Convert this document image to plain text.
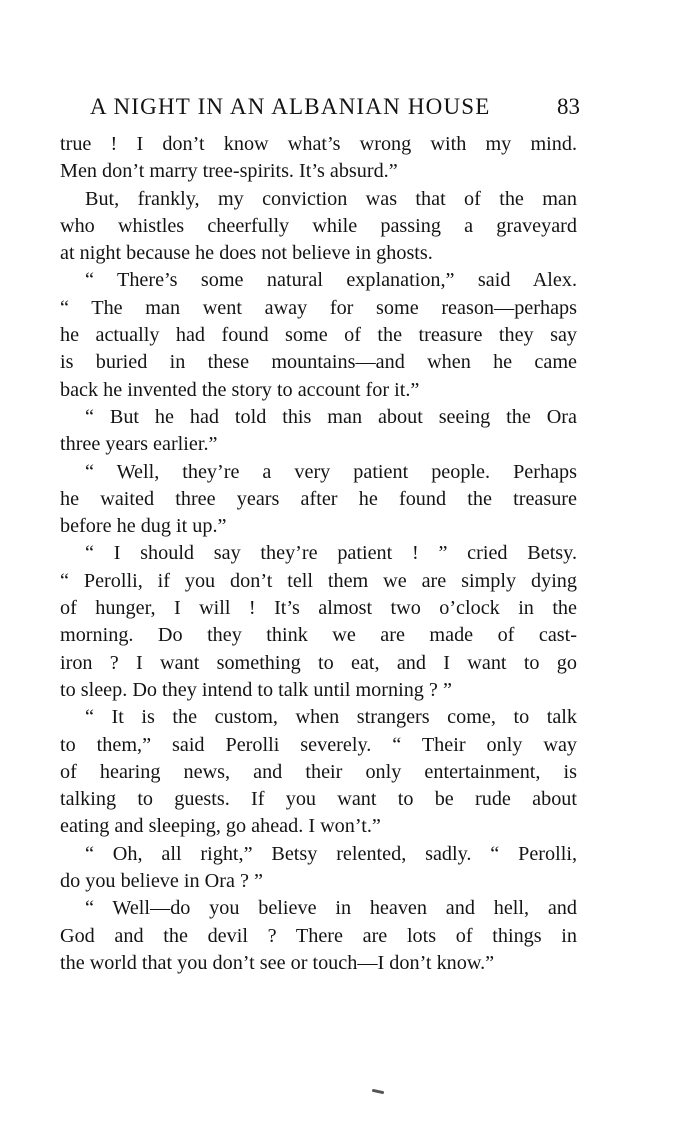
A NIGHT IN AN ALBANIAN HOUSE	83
true ! I don’t know what’s wrong with my mind.
Men don’t marry tree-spirits. It’s absurd.”
But, frankly, my conviction was that of the man
who whistles cheerfully while passing a graveyard
at night because he does not believe in ghosts.
“ There’s some natural explanation,” said Alex.
“ The man went away for some reason—perhaps
he actually had found some of the treasure they say
is buried in these mountains—and when he came
back he invented the story to account for it.”
“ But he had told this man about seeing the Ora
three years earlier.”
“ Well, they’re a very patient people. Perhaps
he waited three years after he found the treasure
before he dug it up.”
“ I should say they’re patient ! ” cried Betsy.
“ Perolli, if you don’t tell them we are simply dying
of hunger, I will ! It’s almost two o’clock in the
morning. Do they think we are made of cast-
iron ? I want something to eat, and I want to go
to sleep. Do they intend to talk until morning ? ”
“ It is the custom, when strangers come, to talk
to them,” said Perolli severely. “ Their only way
of hearing news, and their only entertainment, is
talking to guests. If you want to be rude about
eating and sleeping, go ahead. I won’t.”
“ Oh, all right,” Betsy relented, sadly. “ Perolli,
do you believe in Ora ? ”
“ Well—do you believe in heaven and hell, and
God and the devil ? There are lots of things in
the world that you don’t see or touch—I don’t know.”
